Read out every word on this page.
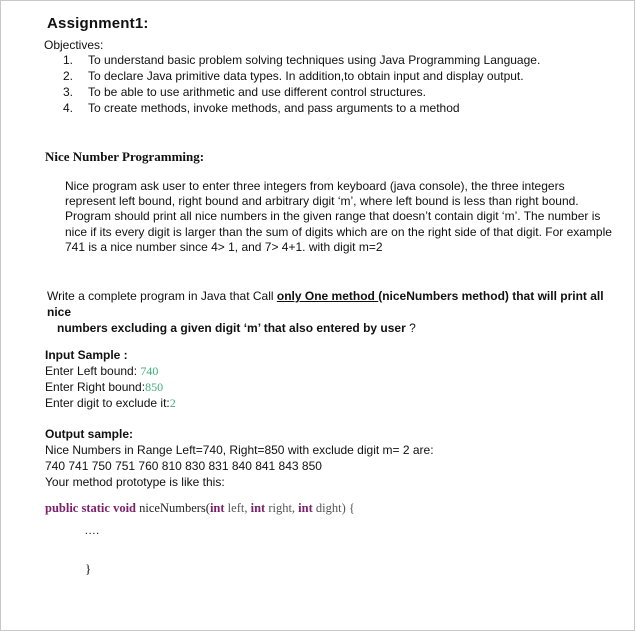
Assignment1:
Objectives:
1.	To understand basic problem solving techniques using Java Programming Language.
2.	To declare Java primitive data types. In addition,to obtain input and display output.
3.	To be able to use arithmetic and use different control structures.
4.	To create methods, invoke methods, and pass arguments to a method
Nice Number Programming:
Nice program ask user to enter three integers from keyboard (java console), the three integers represent left bound, right bound and arbitrary digit ‘m’, where left bound is less than right bound. Program should print all nice numbers in the given range that doesn’t contain digit ‘m’. The number is nice if its every digit is larger than the sum of digits which are on the right side of that digit. For example 741 is a nice number since 4> 1, and 7> 4+1. with digit m=2
Write a complete program in Java that Call only One method (niceNumbers method) that will print all nice
numbers excluding a given digit ‘m’ that also entered by user ?
Input Sample :
Enter Left bound: 740
Enter Right bound:850
Enter digit to exclude it:2
Output sample:
Nice Numbers in Range Left=740, Right=850 with exclude digit m= 2 are:
740 741 750 751 760 810 830 831 840 841 843 850
Your method prototype is like this:
public static void niceNumbers(int left, int right, int dight) {
....
}
